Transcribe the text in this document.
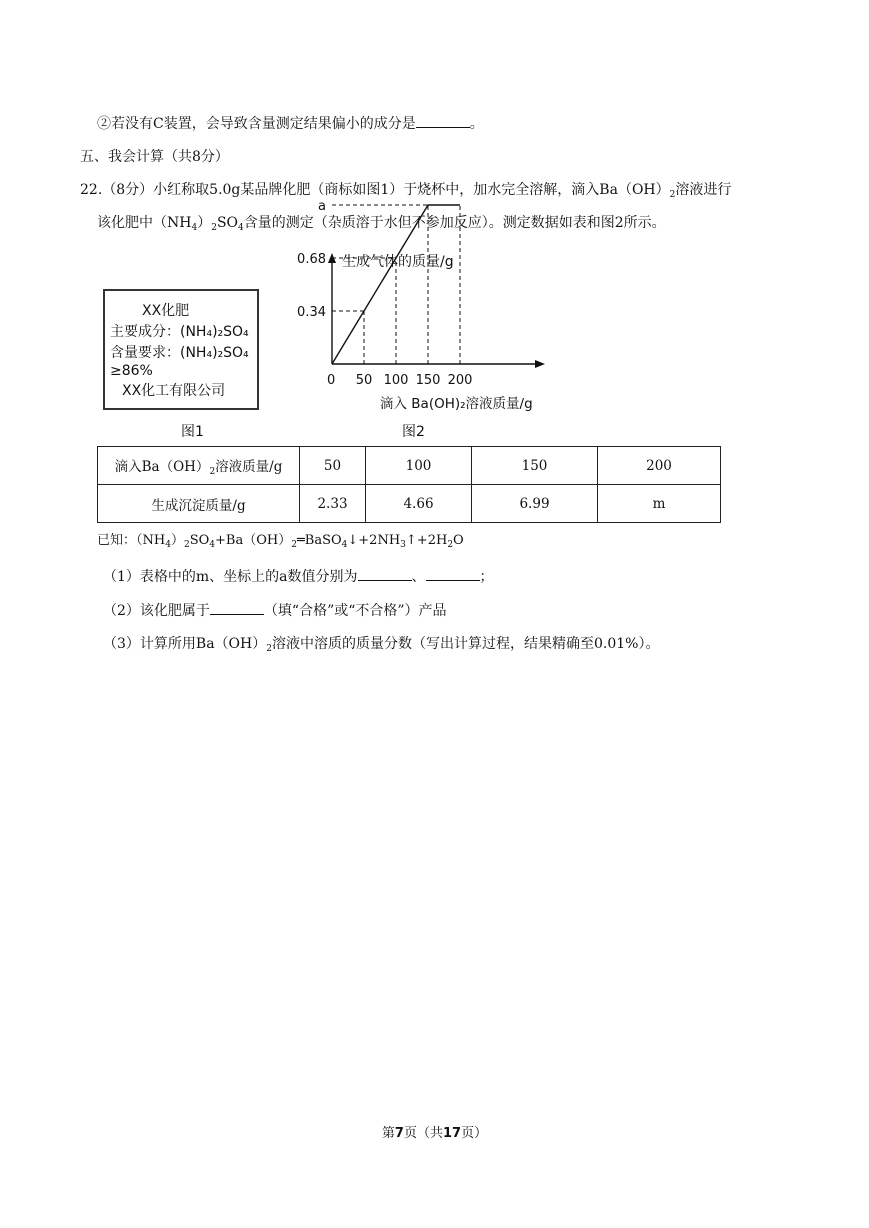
②若没有C装置，会导致含量测定结果偏小的成分是	。
五、我会计算（共8分）
22.（8分）小红称取5.0g某品牌化肥（商标如图1）于烧杯中，加水完全溶解，滴入$Ba(OH)_2$溶液进行
该化肥中$(NH_4)_2SO_4$含量的测定（杂质溶于水但不参加反应）。测定数据如表和图2所示。
XX化肥
主要成分：(NH₄)₂SO₄
含量要求：(NH₄)₂SO₄
≥86%
XX化工有限公司
图1
50 100 150 200
0.34
0.68
a
生成气体的质量/g
滴入 Ba(OH)₂溶液质量/g
0
图2
滴入$Ba(OH)_2$溶液质量/g	50	100	150	200
生成沉淀质量/g	2.33	4.66	6.99	m
已知：$(NH_4)_2SO_4+Ba(OH)_2═BaSO_4↓+2NH_3↑+2H_2O$
（1）表格中的m、坐标上的a数值分别为	、	；
（2）该化肥属于	（填“合格”或“不合格”）产品
（3）计算所用$Ba(OH)_2$溶液中溶质的质量分数（写出计算过程，结果精确至0.01%）。
第7页（共17页）
